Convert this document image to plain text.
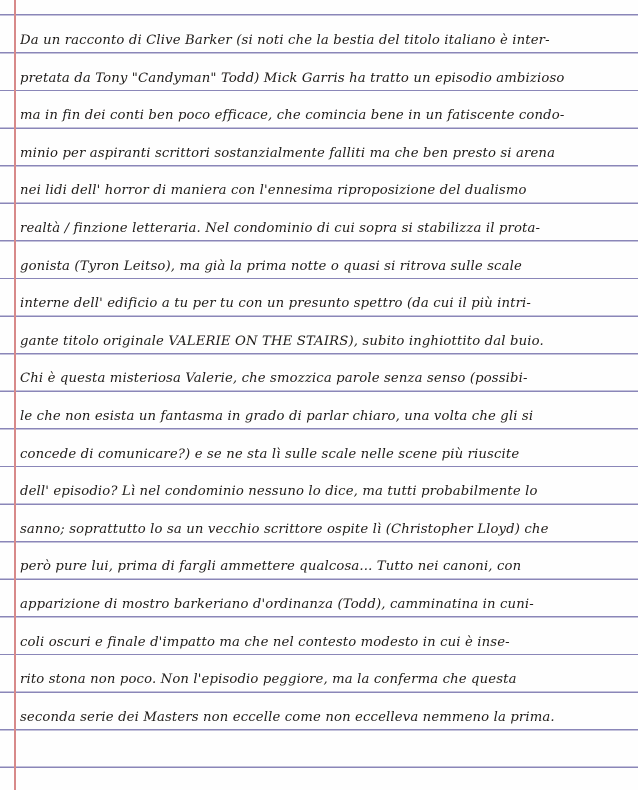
Da un racconto di Clive Barker (si noti che la bestia del titolo italiano è inter-
pretata da Tony "Candyman" Todd) Mick Garris ha tratto un episodio ambizioso
ma in fin dei conti ben poco efficace, che comincia bene in un fatiscente condo-
minio per aspiranti scrittori sostanzialmente falliti ma che ben presto si arena
nei lidi dell' horror di maniera con l'ennesima riproposizione del dualismo
realtà / finzione letteraria. Nel condominio di cui sopra si stabilizza il prota-
gonista (Tyron Leitso), ma già la prima notte o quasi si ritrova sulle scale
interne dell' edificio a tu per tu con un presunto spettro (da cui il più intri-
gante titolo originale VALERIE ON THE STAIRS), subito inghiottito dal buio.
Chi è questa misteriosa Valerie, che smozzica parole senza senso (possibi-
le che non esista un fantasma in grado di parlar chiaro, una volta che gli si
concede di comunicare?) e se ne sta lì sulle scale nelle scene più riuscite
dell' episodio? Lì nel condominio nessuno lo dice, ma tutti probabilmente lo
sanno; soprattutto lo sa un vecchio scrittore ospite lì (Christopher Lloyd) che
però pure lui, prima di fargli ammettere qualcosa... Tutto nei canoni, con
apparizione di mostro barkeriano d'ordinanza (Todd), camminatina in cuni-
coli oscuri e finale d'impatto ma che nel contesto modesto in cui è inse-
rito stona non poco. Non l'episodio peggiore, ma la conferma che questa
seconda serie dei Masters non eccelle come non eccelleva nemmeno la prima.
